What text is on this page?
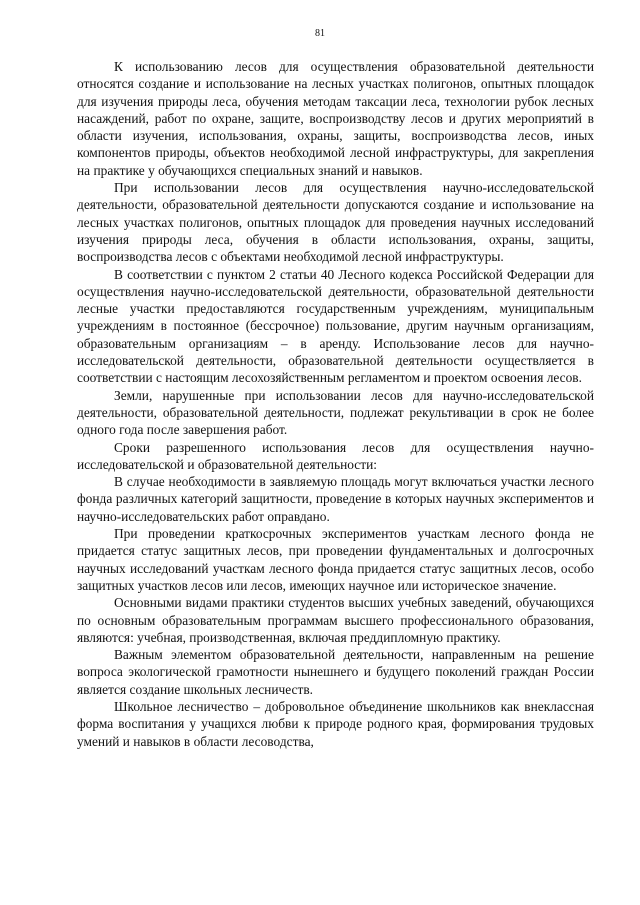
81

К использованию лесов для осуществления образовательной деятельности относятся создание и использование на лесных участках полигонов, опытных площадок для изучения природы леса, обучения методам таксации леса, технологии рубок лесных насаждений, работ по охране, защите, воспроизводству лесов и других мероприятий в области изучения, использования, охраны, защиты, воспроизводства лесов, иных компонентов природы, объектов необходимой лесной инфраструктуры, для закрепления на практике у обучающихся специальных знаний и навыков.

При использовании лесов для осуществления научно-исследовательской деятельности, образовательной деятельности допускаются создание и использование на лесных участках полигонов, опытных площадок для проведения научных исследований изучения природы леса, обучения в области использования, охраны, защиты, воспроизводства лесов с объектами необходимой лесной инфраструктуры.

В соответствии с пунктом 2 статьи 40 Лесного кодекса Российской Федерации для осуществления научно-исследовательской деятельности, образовательной деятельности лесные участки предоставляются государственным учреждениям, муниципальным учреждениям в постоянное (бессрочное) пользование, другим научным организациям, образовательным организациям – в аренду. Использование лесов для научно-исследовательской деятельности, образовательной деятельности осуществляется в соответствии с настоящим лесохозяйственным регламентом и проектом освоения лесов.

Земли, нарушенные при использовании лесов для научно-исследовательской деятельности, образовательной деятельности, подлежат рекультивации в срок не более одного года после завершения работ.

Сроки разрешенного использования лесов для осуществления научно-исследовательской и образовательной деятельности:

В случае необходимости в заявляемую площадь могут включаться участки лесного фонда различных категорий защитности, проведение в которых научных экспериментов и научно-исследовательских работ оправдано.

При проведении краткосрочных экспериментов участкам лесного фонда не придается статус защитных лесов, при проведении фундаментальных и долгосрочных научных исследований участкам лесного фонда придается статус защитных лесов, особо защитных участков лесов или лесов, имеющих научное или историческое значение.

Основными видами практики студентов высших учебных заведений, обучающихся по основным образовательным программам высшего профессионального образования, являются: учебная, производственная, включая преддипломную практику.

Важным элементом образовательной деятельности, направленным на решение вопроса экологической грамотности нынешнего и будущего поколений граждан России является создание школьных лесничеств.

Школьное лесничество – добровольное объединение школьников как внеклассная форма воспитания у учащихся любви к природе родного края, формирования трудовых умений и навыков в области лесоводства,
